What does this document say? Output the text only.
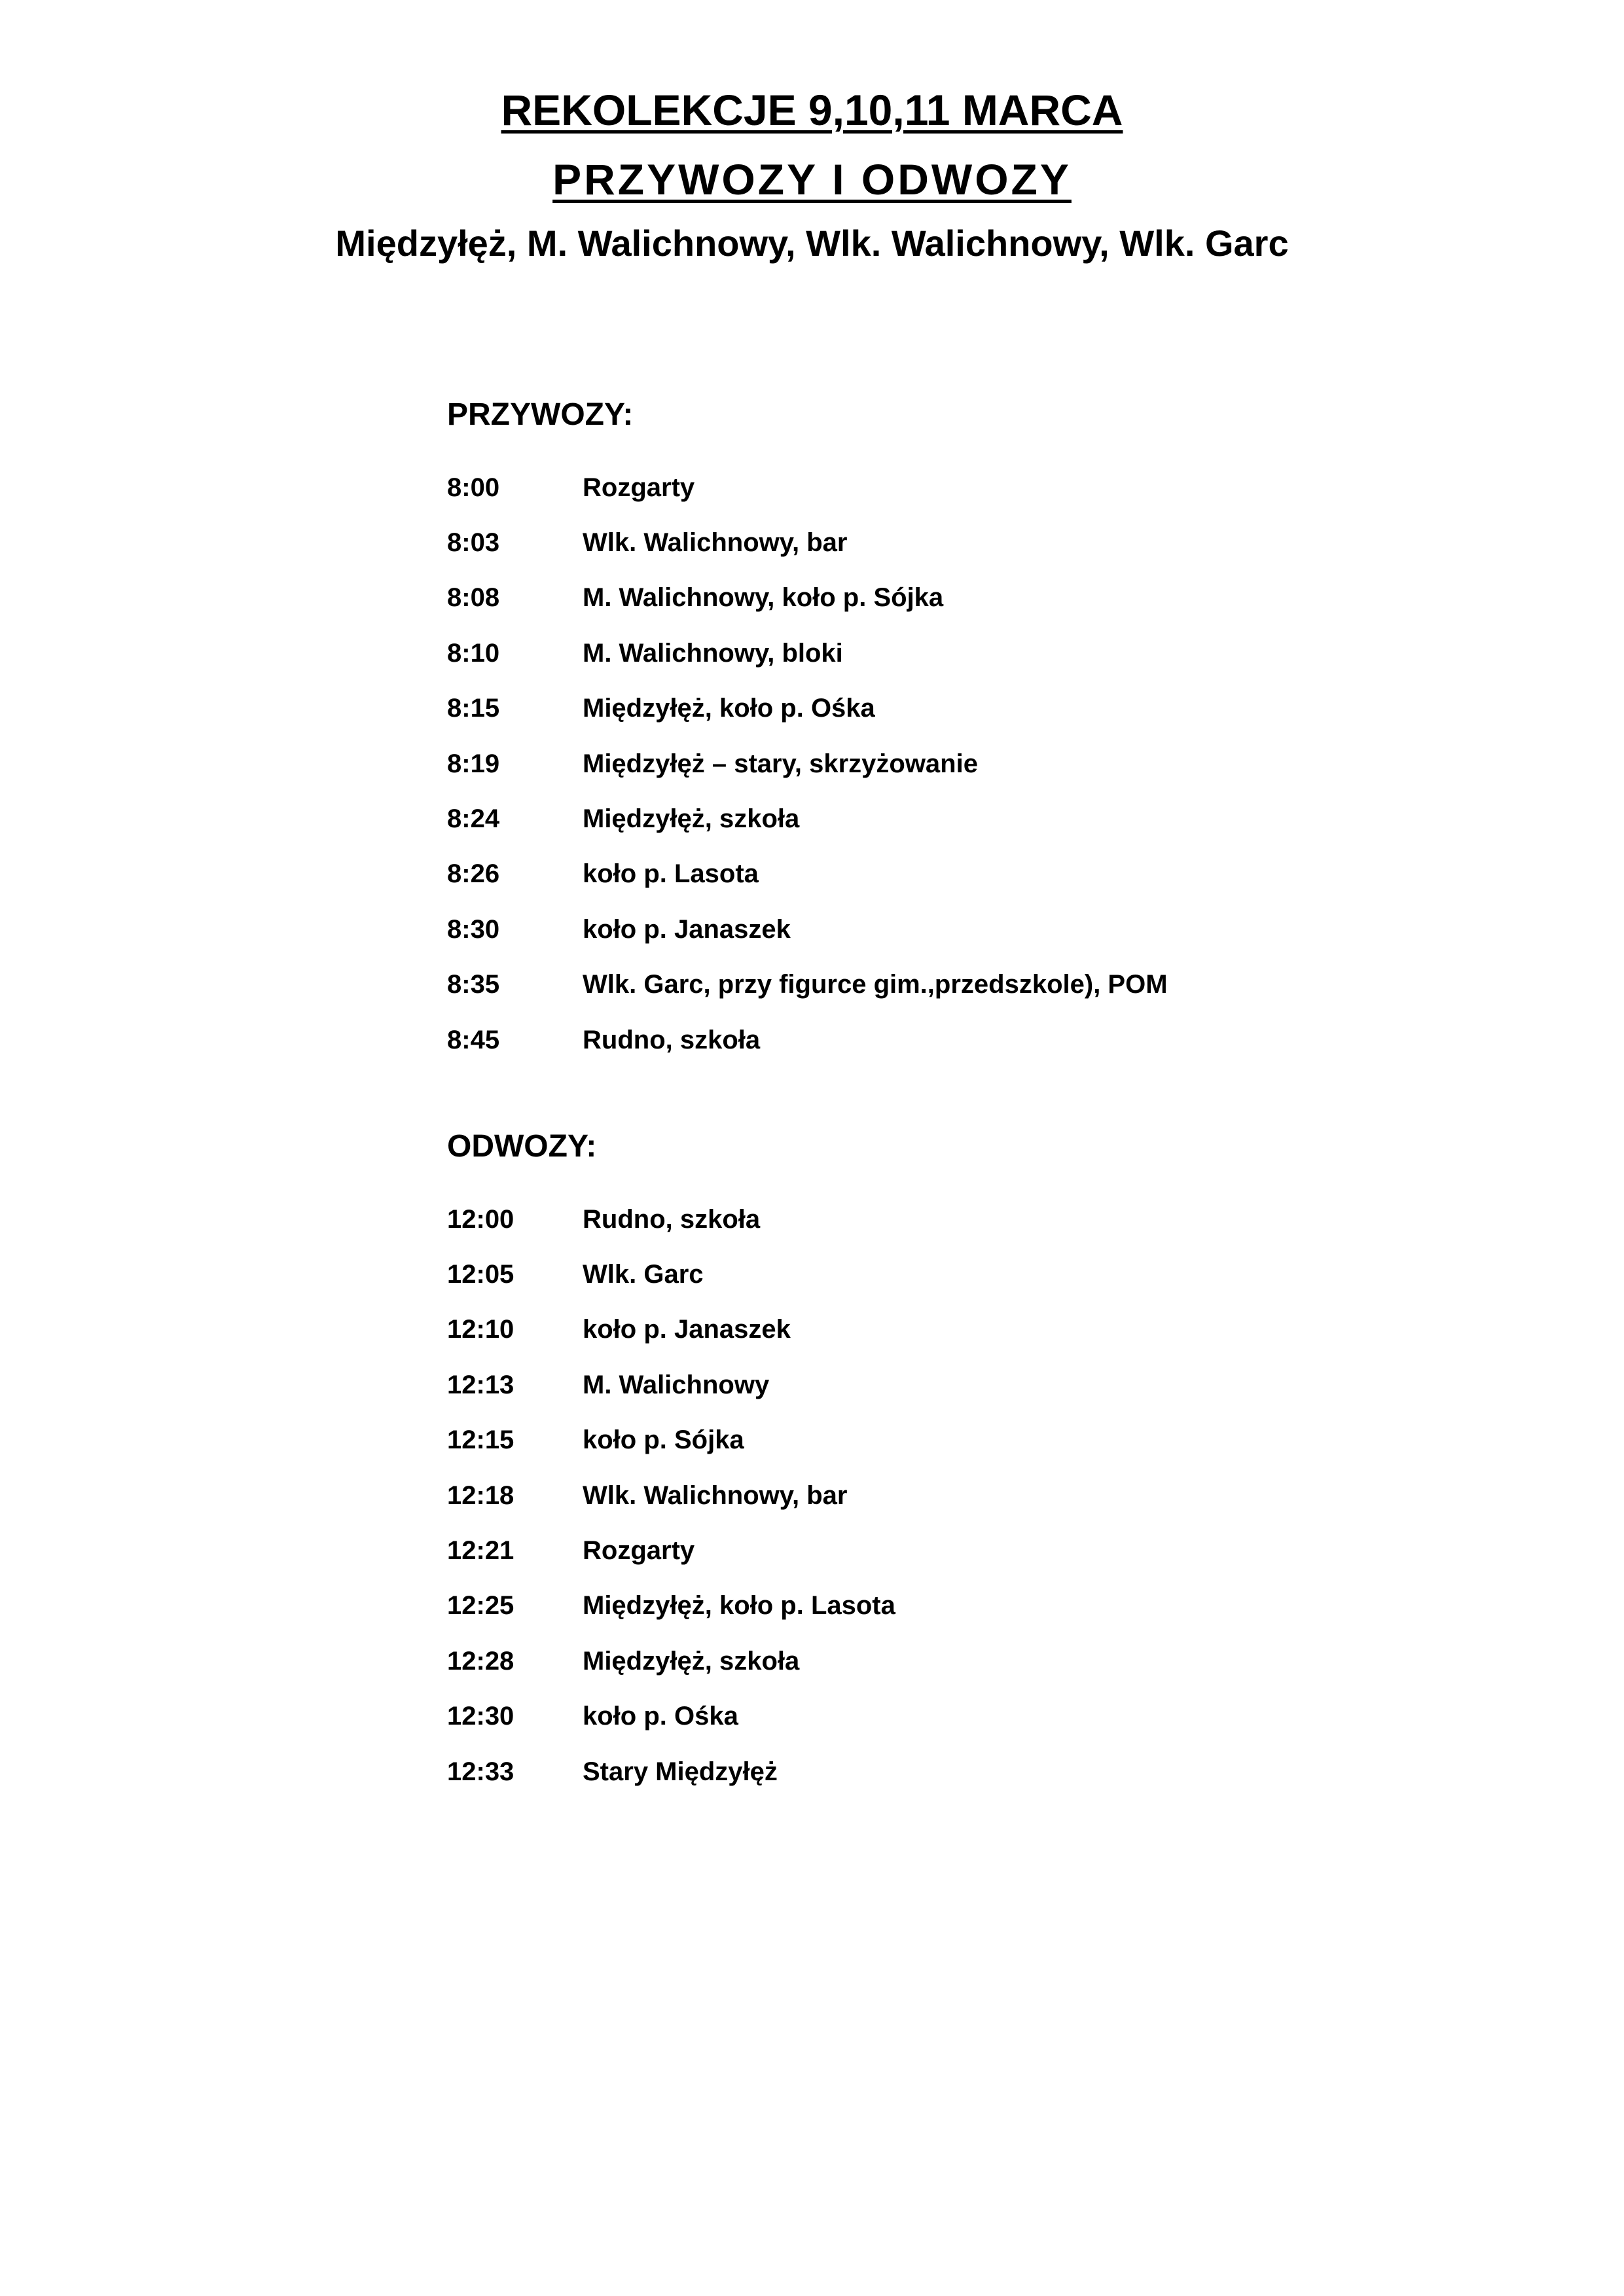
REKOLEKCJE 9,10,11 MARCA

PRZYWOZY I ODWOZY

Międzyłęż, M. Walichnowy, Wlk. Walichnowy, Wlk. Garc

PRZYWOZY:

8:00	Rozgarty
8:03	Wlk. Walichnowy, bar
8:08	M. Walichnowy, koło p. Sójka
8:10	M. Walichnowy, bloki
8:15	Międzyłęż, koło p. Ośka
8:19	Międzyłęż – stary, skrzyżowanie
8:24	Międzyłęż, szkoła
8:26	koło p. Lasota
8:30	koło p. Janaszek
8:35	Wlk. Garc, przy figurce gim.,przedszkole), POM
8:45	Rudno, szkoła

ODWOZY:

12:00	Rudno, szkoła
12:05	Wlk. Garc
12:10	koło p. Janaszek
12:13	M. Walichnowy
12:15	koło p. Sójka
12:18	Wlk. Walichnowy, bar
12:21	Rozgarty
12:25	Międzyłęż, koło p. Lasota
12:28	Międzyłęż, szkoła
12:30	koło p. Ośka
12:33	Stary Międzyłęż
